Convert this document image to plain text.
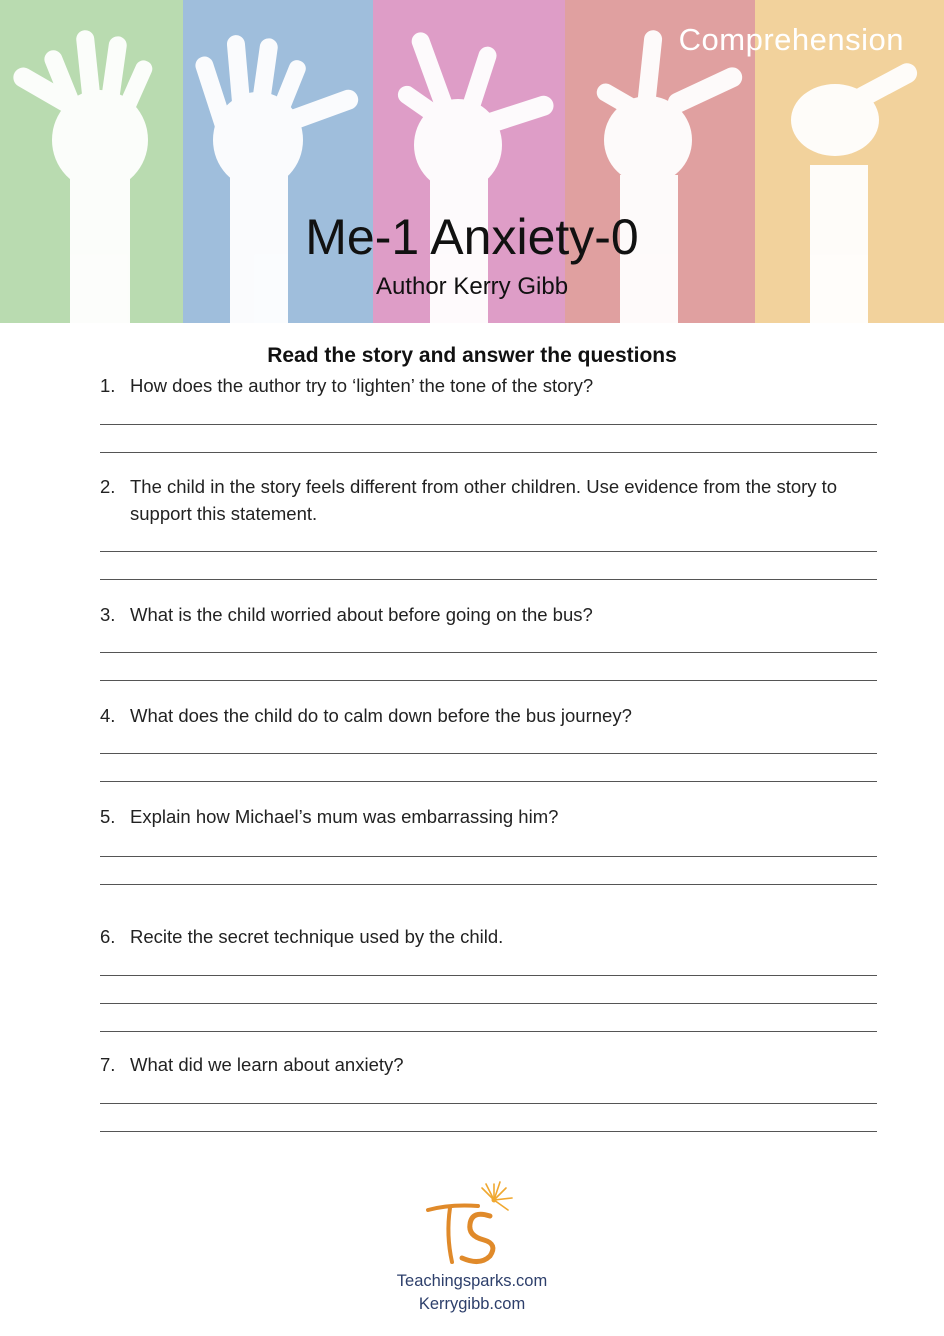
Comprehension
Me-1 Anxiety-0
Author Kerry Gibb
Read the story and answer the questions
1. How does the author try to ‘lighten’ the tone of the story?
2. The child in the story feels different from other children. Use evidence from the story to support this statement.
3. What is the child worried about before going on the bus?
4. What does the child do to calm down before the bus journey?
5. Explain how Michael’s mum was embarrassing him?
6. Recite the secret technique used by the child.
7. What did we learn about anxiety?
Teachingsparks.com
Kerrygibb.com
